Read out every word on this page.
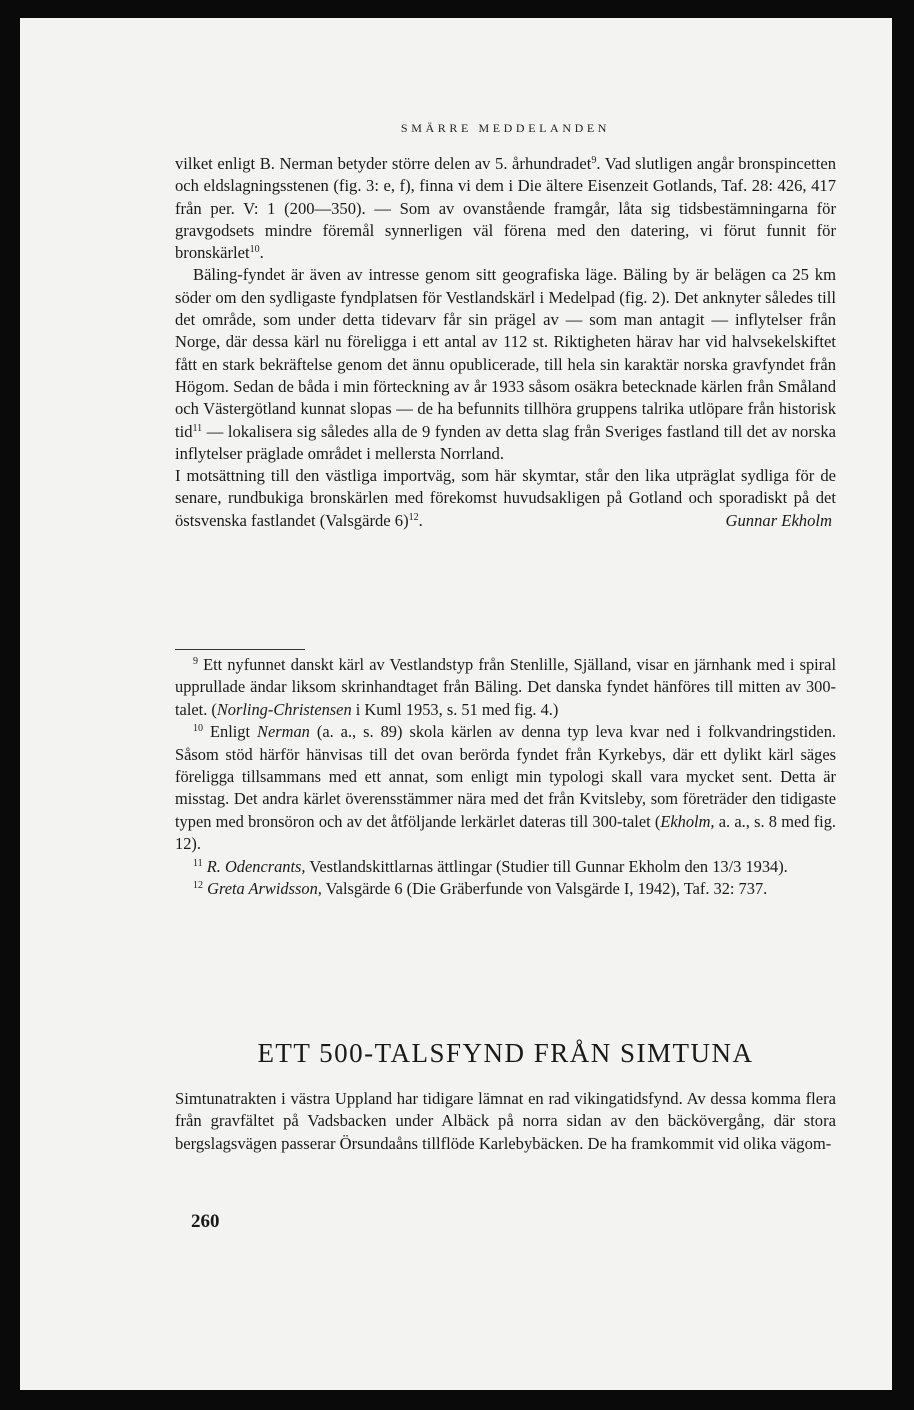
SMÄRRE MEDDELANDEN

vilket enligt B. Nerman betyder större delen av 5. århundradet$^9$. Vad slutligen angår bronspincetten och eldslagningsstenen (fig. 3: e, f), finna vi dem i Die ältere Eisenzeit Gotlands, Taf. 28: 426, 417 från per. V: 1 (200—350). — Som av ovanstående framgår, låta sig tidsbestämningarna för gravgodsets mindre föremål synnerligen väl förena med den datering, vi förut funnit för bronskärlet$^{10}$.

Bäling-fyndet är även av intresse genom sitt geografiska läge. Bäling by är belägen ca 25 km söder om den sydligaste fyndplatsen för Vestlandskärl i Medelpad (fig. 2). Det anknyter således till det område, som under detta tidevarv får sin prägel av — som man antagit — inflytelser från Norge, där dessa kärl nu föreligga i ett antal av 112 st. Riktigheten härav har vid halvsekelskiftet fått en stark bekräftelse genom det ännu opublicerade, till hela sin karaktär norska gravfyndet från Högom. Sedan de båda i min förteckning av år 1933 såsom osäkra betecknade kärlen från Småland och Västergötland kunnat slopas — de ha befunnits tillhöra gruppens talrika utlöpare från historisk tid$^{11}$ — lokalisera sig således alla de 9 fynden av detta slag från Sveriges fastland till det av norska inflytelser präglade området i mellersta Norrland.

I motsättning till den västliga importväg, som här skymtar, står den lika utpräglat sydliga för de senare, rundbukiga bronskärlen med förekomst huvudsakligen på Gotland och sporadiskt på det östsvenska fastlandet (Valsgärde 6)$^{12}$.	Gunnar Ekholm

$^9$ Ett nyfunnet danskt kärl av Vestlandstyp från Stenlille, Själland, visar en järnhank med i spiral upprullade ändar liksom skrinhandtaget från Bäling. Det danska fyndet hänföres till mitten av 300-talet. (Norling-Christensen i Kuml 1953, s. 51 med fig. 4.)

$^{10}$ Enligt Nerman (a. a., s. 89) skola kärlen av denna typ leva kvar ned i folkvandringstiden. Såsom stöd härför hänvisas till det ovan berörda fyndet från Kyrkebys, där ett dylikt kärl säges föreligga tillsammans med ett annat, som enligt min typologi skall vara mycket sent. Detta är misstag. Det andra kärlet överensstämmer nära med det från Kvitsleby, som företräder den tidigaste typen med bronsöron och av det åtföljande lerkärlet dateras till 300-talet (Ekholm, a. a., s. 8 med fig. 12).

$^{11}$ R. Odencrants, Vestlandskittlarnas ättlingar (Studier till Gunnar Ekholm den 13/3 1934).

$^{12}$ Greta Arwidsson, Valsgärde 6 (Die Gräberfunde von Valsgärde I, 1942), Taf. 32: 737.

ETT 500-TALSFYND FRÅN SIMTUNA

Simtunatrakten i västra Uppland har tidigare lämnat en rad vikingatidsfynd. Av dessa komma flera från gravfältet på Vadsbacken under Albäck på norra sidan av den bäckövergång, där stora bergslagsvägen passerar Örsundaåns tillflöde Karlebybäcken. De ha framkommit vid olika vägom-

260
